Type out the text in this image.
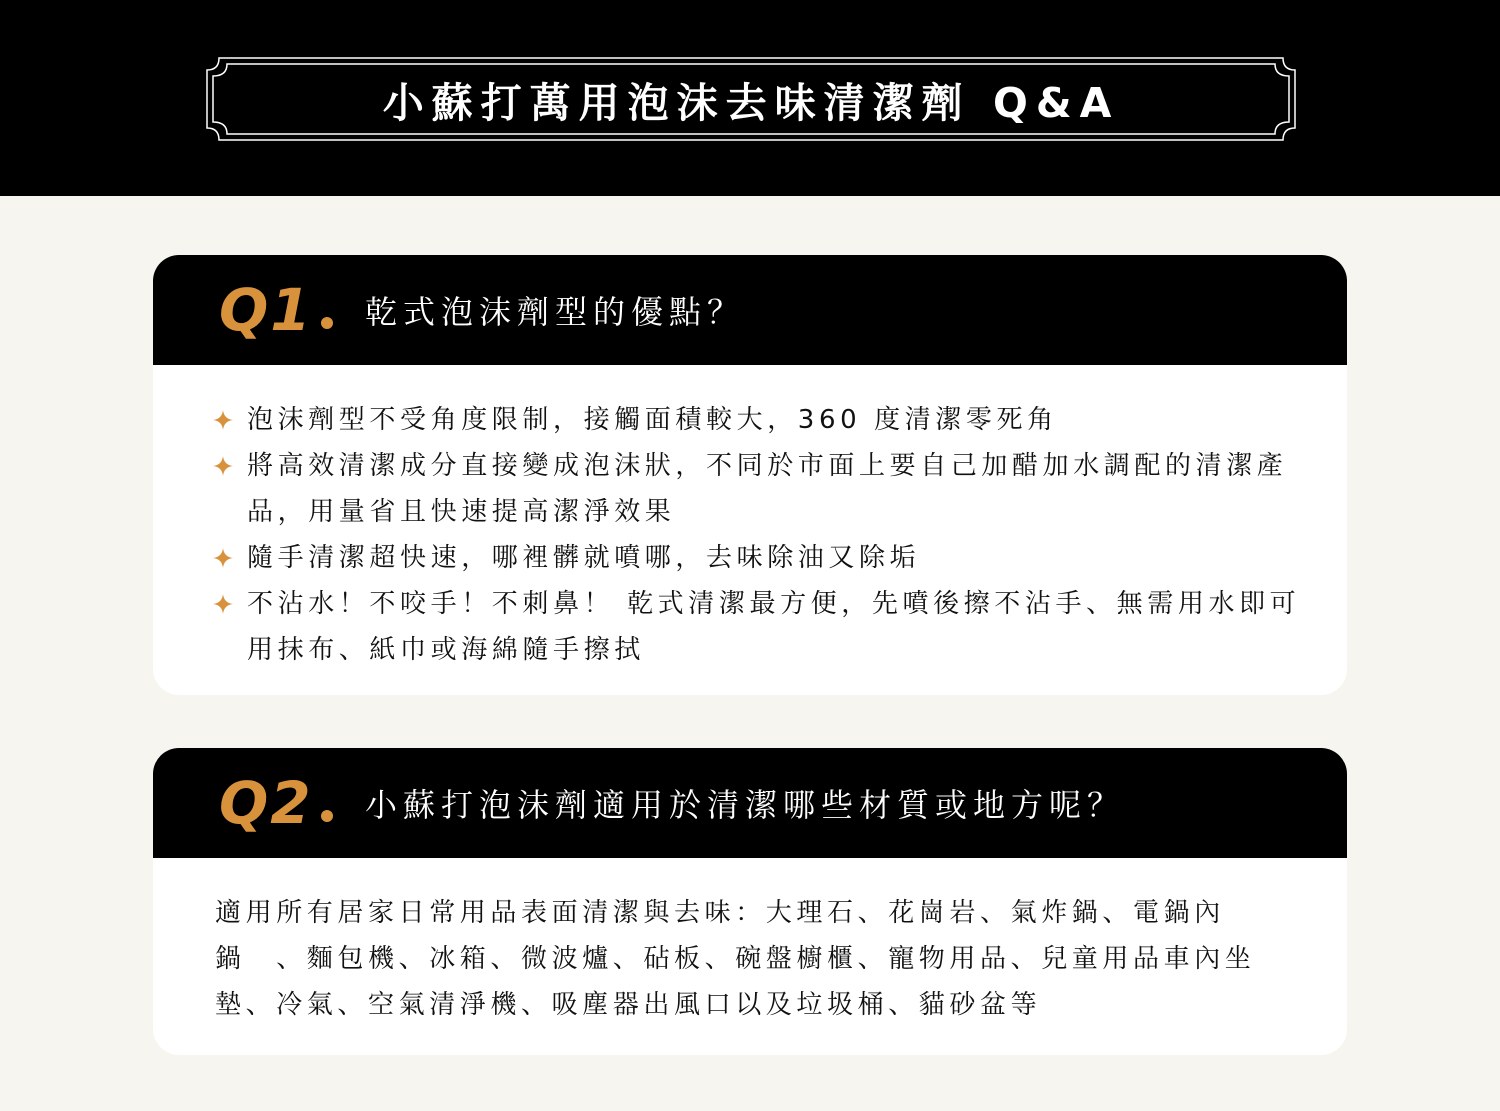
小蘇打萬用泡沫去味清潔劑 Q&A
Q1 乾式泡沫劑型的優點？
泡沫劑型不受角度限制，接觸面積較大，360 度清潔零死角
將高效清潔成分直接變成泡沫狀，不同於市面上要自己加醋加水調配的清潔產品，用量省且快速提高潔淨效果
隨手清潔超快速，哪裡髒就噴哪，去味除油又除垢
不沾水！不咬手！不刺鼻！ 乾式清潔最方便，先噴後擦不沾手、無需用水即可用抹布、紙巾或海綿隨手擦拭
Q2 小蘇打泡沫劑適用於清潔哪些材質或地方呢？
適用所有居家日常用品表面清潔與去味：大理石、花崗岩、氣炸鍋、電鍋內鍋　、麵包機、冰箱、微波爐、砧板、碗盤櫥櫃、寵物用品、兒童用品車內坐墊、冷氣、空氣清淨機、吸塵器出風口以及垃圾桶、貓砂盆等
